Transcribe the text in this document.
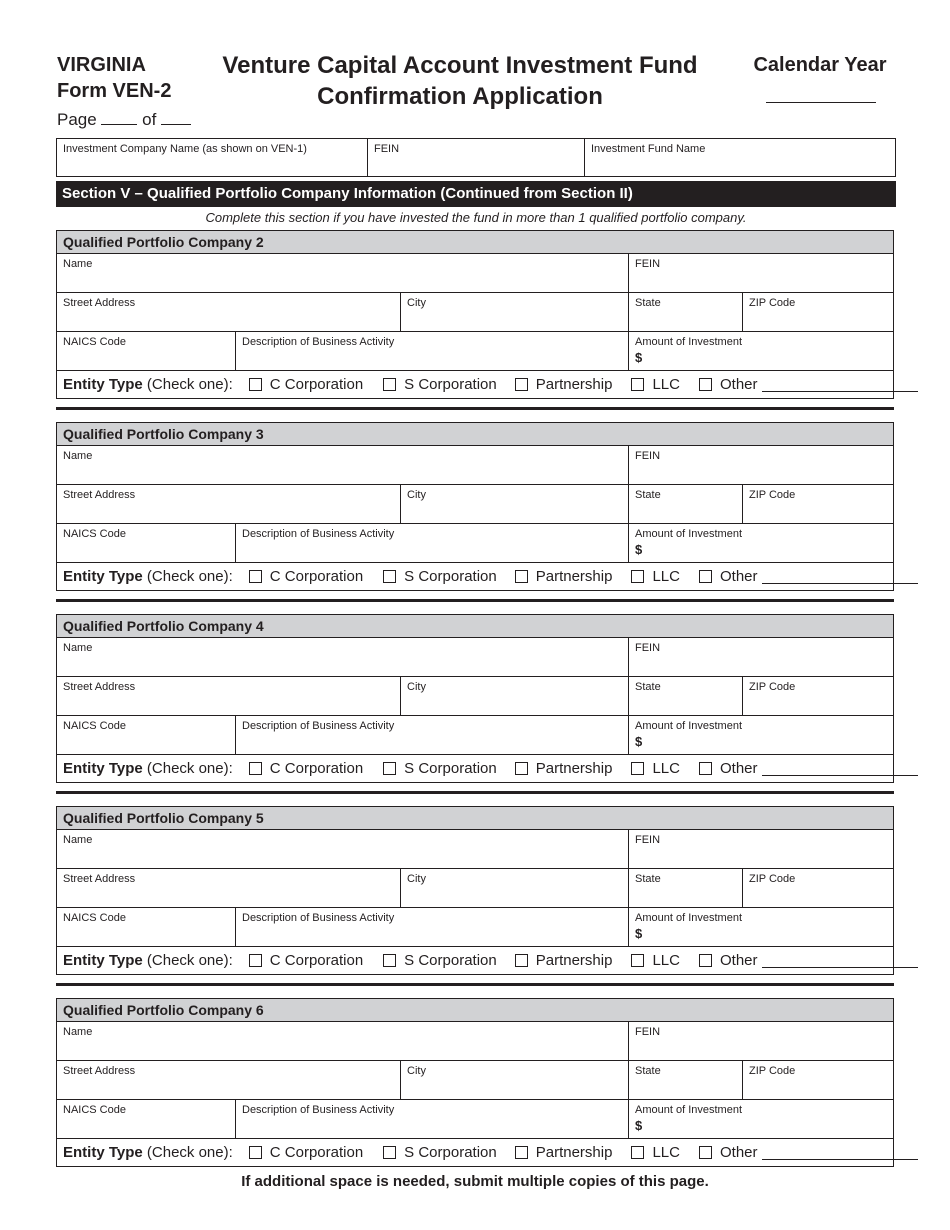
VIRGINIA
Form VEN-2
Page	of
Venture Capital Account Investment Fund
Confirmation Application
Calendar Year
Investment Company Name (as shown on VEN-1)	FEIN	Investment Fund Name
Section V – Qualified Portfolio Company Information (Continued from Section II)
Complete this section if you have invested the fund in more than 1 qualified portfolio company.
Qualified Portfolio Company 2
Name	FEIN
Street Address	City	State	ZIP Code
NAICS Code	Description of Business Activity	Amount of Investment
$
Entity Type (Check one): C Corporation	S Corporation	Partnership	LLC	Other
Qualified Portfolio Company 3
Name	FEIN
Street Address	City	State	ZIP Code
NAICS Code	Description of Business Activity	Amount of Investment
$
Entity Type (Check one): C Corporation	S Corporation	Partnership	LLC	Other
Qualified Portfolio Company 4
Name	FEIN
Street Address	City	State	ZIP Code
NAICS Code	Description of Business Activity	Amount of Investment
$
Entity Type (Check one): C Corporation	S Corporation	Partnership	LLC	Other
Qualified Portfolio Company 5
Name	FEIN
Street Address	City	State	ZIP Code
NAICS Code	Description of Business Activity	Amount of Investment
$
Entity Type (Check one): C Corporation	S Corporation	Partnership	LLC	Other
Qualified Portfolio Company 6
Name	FEIN
Street Address	City	State	ZIP Code
NAICS Code	Description of Business Activity	Amount of Investment
$
Entity Type (Check one): C Corporation	S Corporation	Partnership	LLC	Other
If additional space is needed, submit multiple copies of this page.
